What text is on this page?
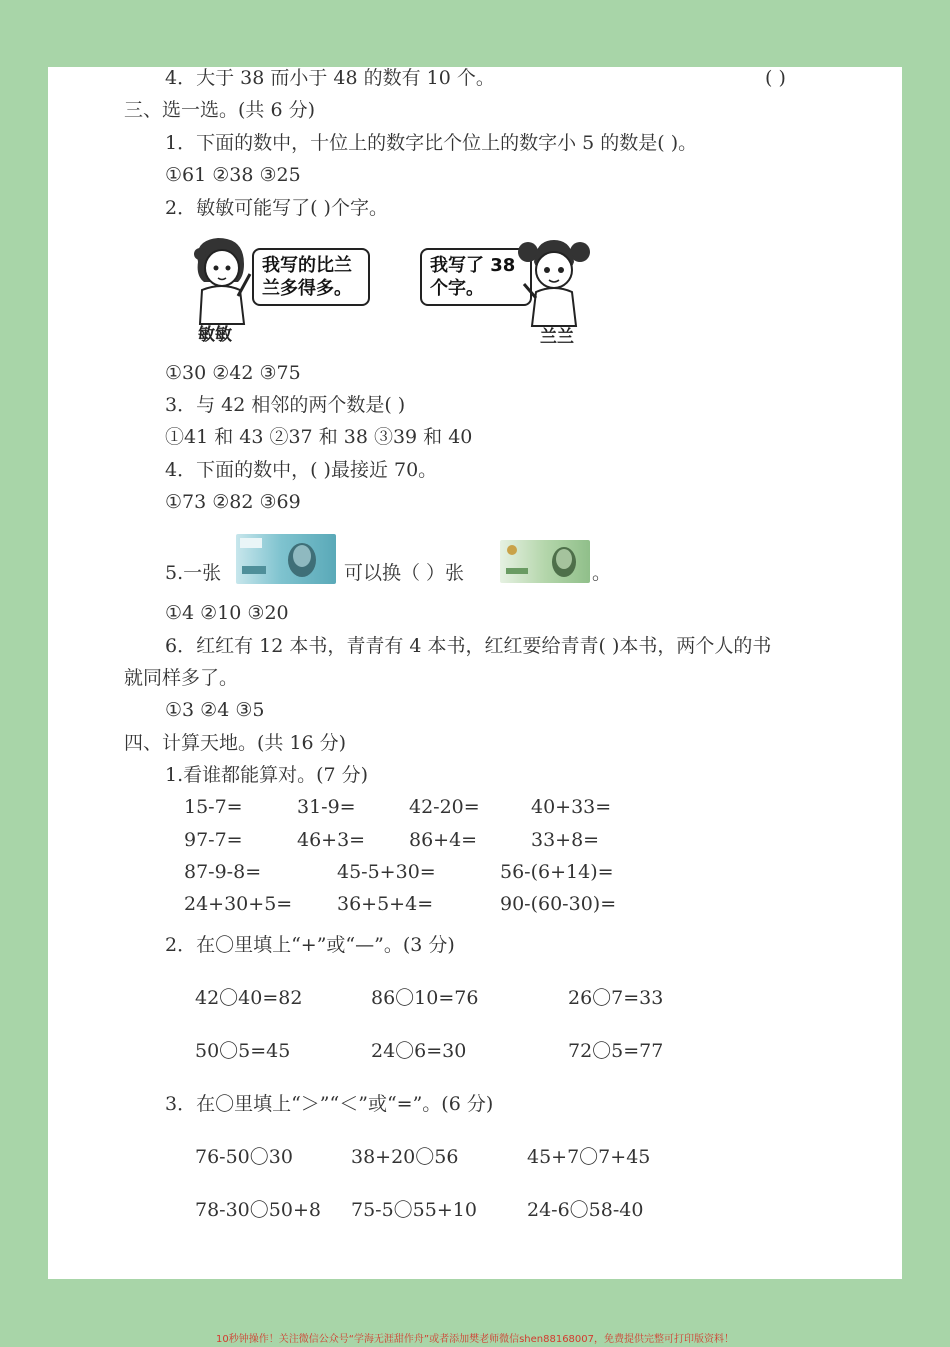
4．大于 38 而小于 48 的数有 10 个。	( )
三、选一选。(共 6 分)
1．下面的数中，十位上的数字比个位上的数字小 5 的数是( )。
①61 ②38 ③25
2．敏敏可能写了( )个字。
敏敏
我写的比兰
兰多得多。
我写了 38
个字。
兰兰
①30 ②42 ③75
3．与 42 相邻的两个数是( )
①41 和 43 ②37 和 38 ③39 和 40
4．下面的数中，( )最接近 70。
①73 ②82 ③69
5.一张	可以换（ ）张	。
①4 ②10 ③20
6．红红有 12 本书，青青有 4 本书，红红要给青青( )本书，两个人的书
就同样多了。
①3 ②4 ③5
四、计算天地。(共 16 分)
1.看谁都能算对。(7 分)
15-7=	31-9=	42-20=	40+33=
97-7=	46+3= 86+4=	33+8=
87-9-8=	45-5+30=	56-(6+14)=
24+30+5= 36+5+4=	90-(60-30)=
2．在〇里填上“+”或“—”。(3 分)
42〇40=82	86〇10=76	26〇7=33
50〇5=45	24〇6=30	72〇5=77
3．在〇里填上“＞”“＜”或“=”。(6 分)
76-50〇30	38+20〇56	45+7〇7+45
78-30〇50+8 75-5〇55+10	24-6〇58-40
10秒钟操作！关注微信公众号“学海无涯甜作舟”或者添加樊老师微信shen88168007，免费提供完整可打印版资料！
